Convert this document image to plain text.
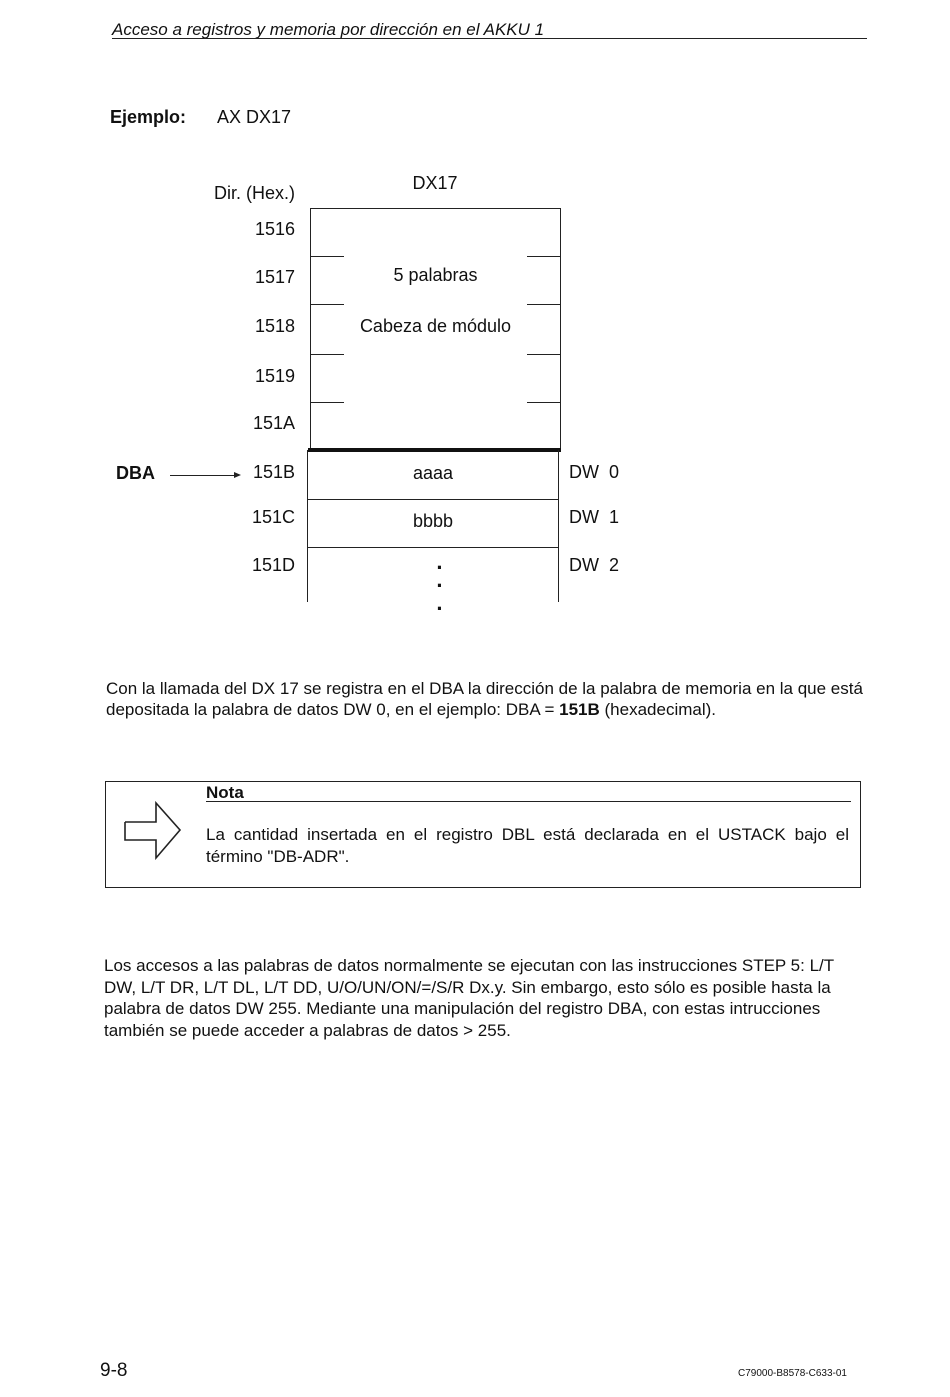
Acceso a registros y memoria por dirección en el AKKU 1
Ejemplo: AX DX17
Dir. (Hex.)	DX17
1516
1517
1518
1519
151A
151B
151C
151D
5 palabras
Cabeza de módulo
aaaa
bbbb
·
·
·
DW  0
DW  1
DW  2
DBA
Con la llamada del DX 17 se registra en el DBA la dirección de la palabra de memoria en la que está depositada la palabra de datos DW 0, en el ejemplo: DBA = 151B (hexadecimal).
Nota
La cantidad insertada en el registro DBL está declarada en el USTACK bajo el término "DB-ADR".
Los accesos a las palabras de datos normalmente se ejecutan con las instrucciones STEP 5: L/T DW, L/T DR, L/T DL, L/T DD, U/O/UN/ON/=/S/R Dx.y. Sin embargo, esto sólo es posible hasta la palabra de datos DW 255. Mediante una manipulación del registro DBA, con estas intrucciones también se puede acceder a palabras de datos > 255.
9-8	C79000-B8578-C633-01
